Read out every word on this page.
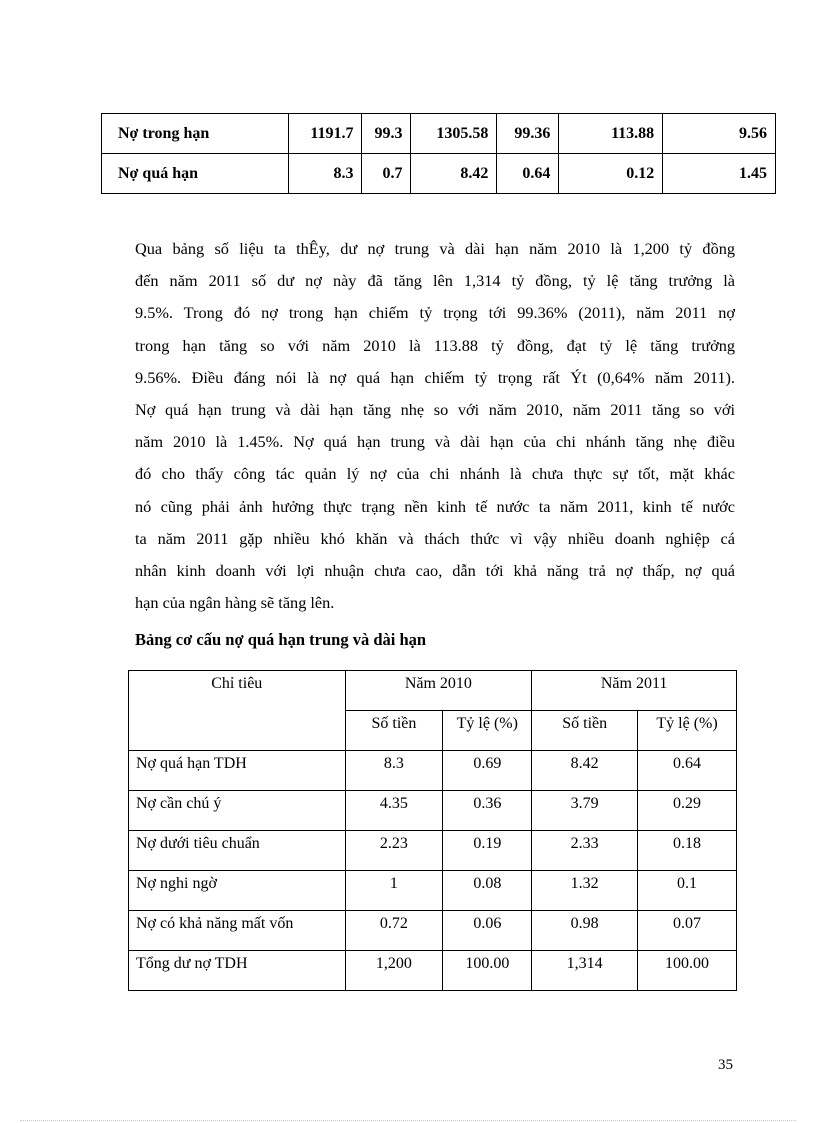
Nợ trong hạn	1191.7	99.3	1305.58	99.36	113.88	9.56
Nợ quá hạn	8.3	0.7	8.42	0.64	0.12	1.45

Qua bảng số liệu ta thÊy, dư nợ trung và dài hạn năm 2010 là 1,200 tỷ đồng
đến năm 2011 số dư nợ này đã tăng lên 1,314 tỷ đồng, tỷ lệ tăng trưởng là
9.5%. Trong đó nợ trong hạn chiếm tỷ trọng tới 99.36% (2011), năm 2011 nợ
trong hạn tăng so với năm 2010 là 113.88 tỷ đồng, đạt tỷ lệ tăng trưởng
9.56%. Điều đáng nói là nợ quá hạn chiếm tỷ trọng rất Ýt (0,64% năm 2011).
Nợ quá hạn trung và dài hạn tăng nhẹ so với năm 2010, năm 2011 tăng so với
năm 2010 là 1.45%. Nợ quá hạn trung và dài hạn của chi nhánh tăng nhẹ điều
đó cho thấy công tác quản lý nợ của chi nhánh là chưa thực sự tốt, mặt khác
nó cũng phải ảnh hưởng thực trạng nền kinh tế nước ta năm 2011, kinh tế nước
ta năm 2011 gặp nhiều khó khăn và thách thức vì vậy nhiều doanh nghiệp cá
nhân kinh doanh với lợi nhuận chưa cao, dẫn tới khả năng trả nợ thấp, nợ quá
hạn của ngân hàng sẽ tăng lên.

Bảng cơ cấu nợ quá hạn trung và dài hạn

Chỉ tiêu	Năm 2010		Năm 2011	
	Số tiền	Tỷ lệ (%)	Số tiền	Tỷ lệ (%)
Nợ quá hạn TDH	8.3	0.69	8.42	0.64
Nợ cần chú ý	4.35	0.36	3.79	0.29
Nợ dưới tiêu chuẩn	2.23	0.19	2.33	0.18
Nợ nghi ngờ	1	0.08	1.32	0.1
Nợ có khả năng mất vốn	0.72	0.06	0.98	0.07
Tổng dư nợ TDH	1,200	100.00	1,314	100.00
35
